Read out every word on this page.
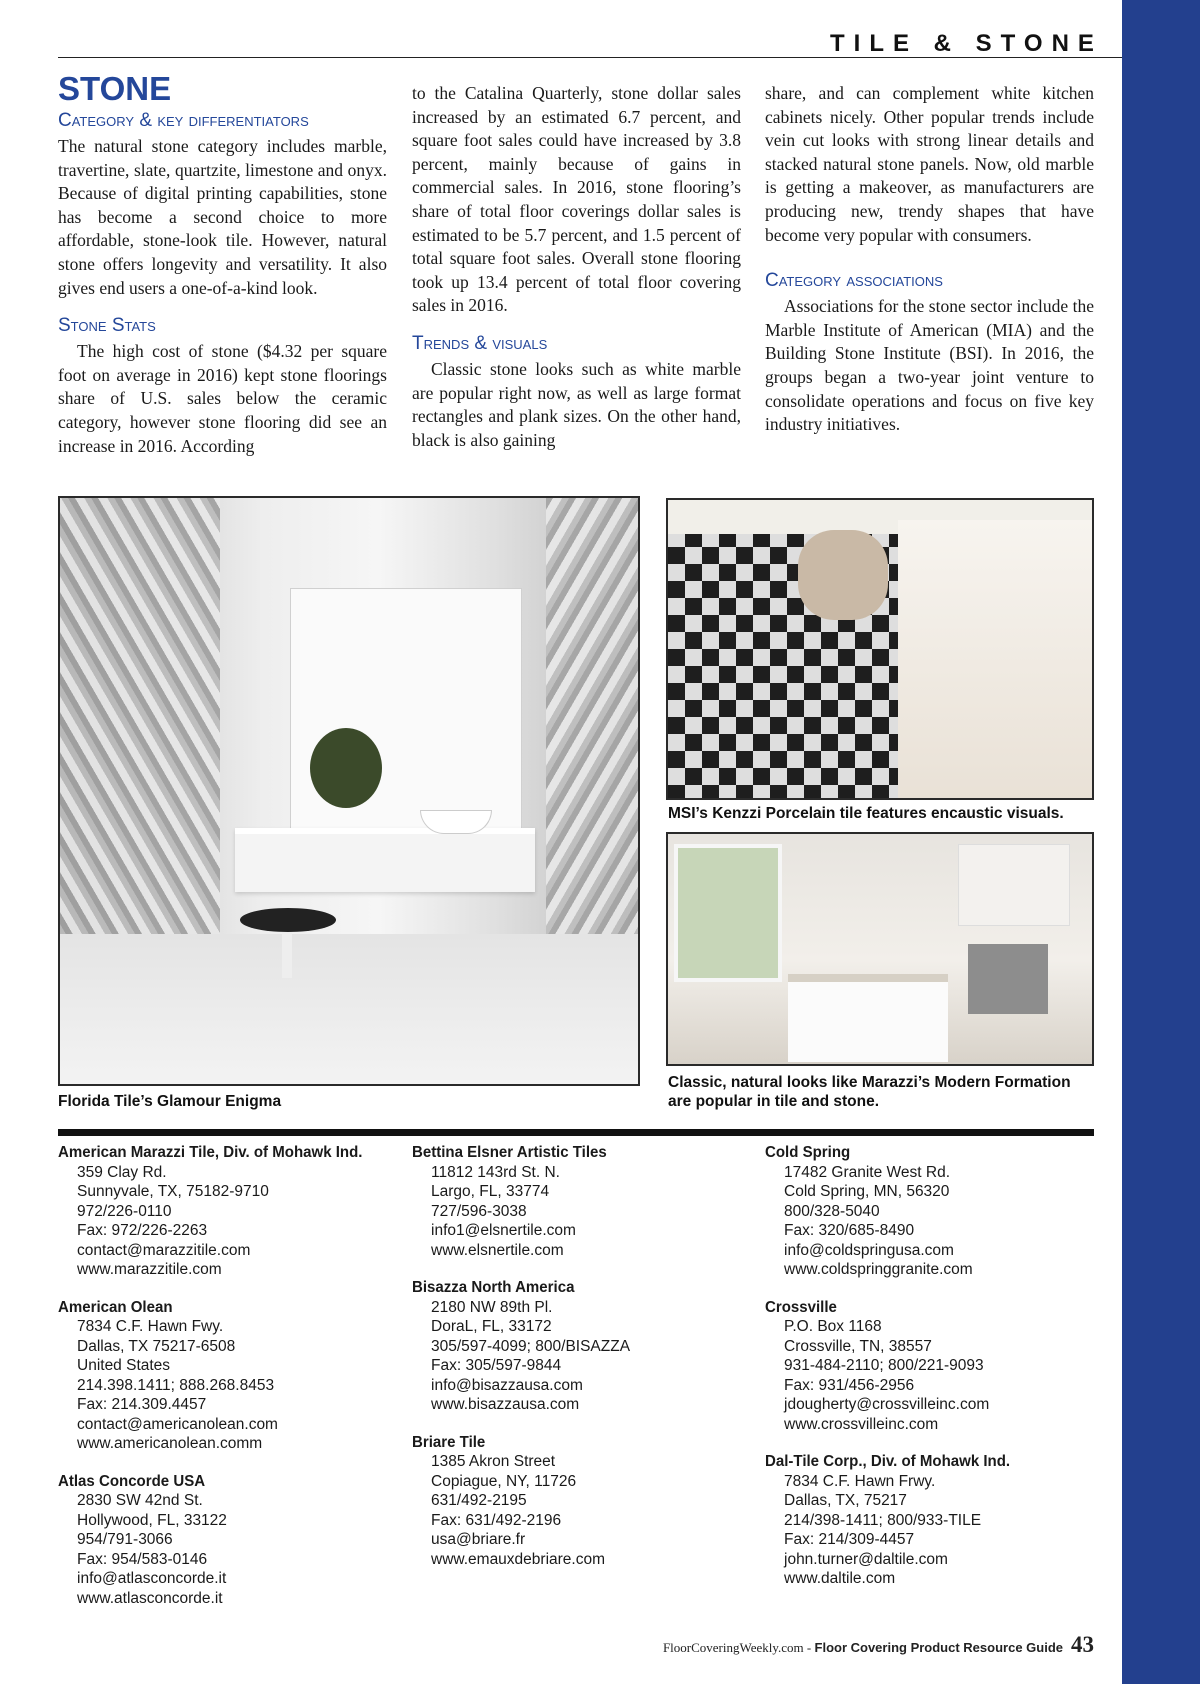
TILE & STONE
STONE
Category & key differentiators

The natural stone category includes marble, travertine, slate, quartzite, limestone and onyx. Because of digital printing capabilities, stone has become a second choice to more affordable, stone-look tile. However, natural stone offers longevity and versatility. It also gives end users a one-of-a-kind look.

Stone Stats

The high cost of stone ($4.32 per square foot on average in 2016) kept stone floorings share of U.S. sales below the ceramic category, however stone flooring did see an increase in 2016. According

to the Catalina Quarterly, stone dollar sales increased by an estimated 6.7 percent, and square foot sales could have increased by 3.8 percent, mainly because of gains in commercial sales. In 2016, stone flooring’s share of total floor coverings dollar sales is estimated to be 5.7 percent, and 1.5 percent of total square foot sales. Overall stone flooring took up 13.4 percent of total floor covering sales in 2016.

Trends & visuals

Classic stone looks such as white marble are popular right now, as well as large format rectangles and plank sizes. On the other hand, black is also gaining

share, and can complement white kitchen cabinets nicely. Other popular trends include vein cut looks with strong linear details and stacked natural stone panels. Now, old marble is getting a makeover, as manufacturers are producing new, trendy shapes that have become very popular with consumers.

Category associations

Associations for the stone sector include the Marble Institute of American (MIA) and the Building Stone Institute (BSI). In 2016, the groups began a two-year joint venture to consolidate operations and focus on five key industry initiatives.

Florida Tile’s Glamour Enigma
MSI’s Kenzzi Porcelain tile features encaustic visuals.
Classic, natural looks like Marazzi’s Modern Formation are popular in tile and stone.
American Marazzi Tile, Div. of Mohawk Ind.
359 Clay Rd.
Sunnyvale, TX, 75182-9710
972/226-0110
Fax: 972/226-2263
contact@marazzitile.com
www.marazzitile.com
American Olean
7834 C.F. Hawn Fwy.
Dallas, TX 75217-6508
United States
214.398.1411; 888.268.8453
Fax: 214.309.4457
contact@americanolean.com
www.americanolean.comm
Atlas Concorde USA
2830 SW 42nd St.
Hollywood, FL, 33122
954/791-3066
Fax: 954/583-0146
info@atlasconcorde.it
www.atlasconcorde.it
Bettina Elsner Artistic Tiles
11812 143rd St. N.
Largo, FL, 33774
727/596-3038
info1@elsnertile.com
www.elsnertile.com
Bisazza North America
2180 NW 89th Pl.
DoraL, FL, 33172
305/597-4099; 800/BISAZZA
Fax: 305/597-9844
info@bisazzausa.com
www.bisazzausa.com
Briare Tile
1385 Akron Street
Copiague, NY, 11726
631/492-2195
Fax: 631/492-2196
usa@briare.fr
www.emauxdebriare.com
Cold Spring
17482 Granite West Rd.
Cold Spring, MN, 56320
800/328-5040
Fax: 320/685-8490
info@coldspringusa.com
www.coldspringgranite.com
Crossville
P.O. Box 1168
Crossville, TN, 38557
931-484-2110; 800/221-9093
Fax: 931/456-2956
jdougherty@crossvilleinc.com
www.crossvilleinc.com
Dal-Tile Corp., Div. of Mohawk Ind.
7834 C.F. Hawn Frwy.
Dallas, TX, 75217
214/398-1411; 800/933-TILE
Fax: 214/309-4457
john.turner@daltile.com
www.daltile.com
FloorCoveringWeekly.com - Floor Covering Product Resource Guide 43
